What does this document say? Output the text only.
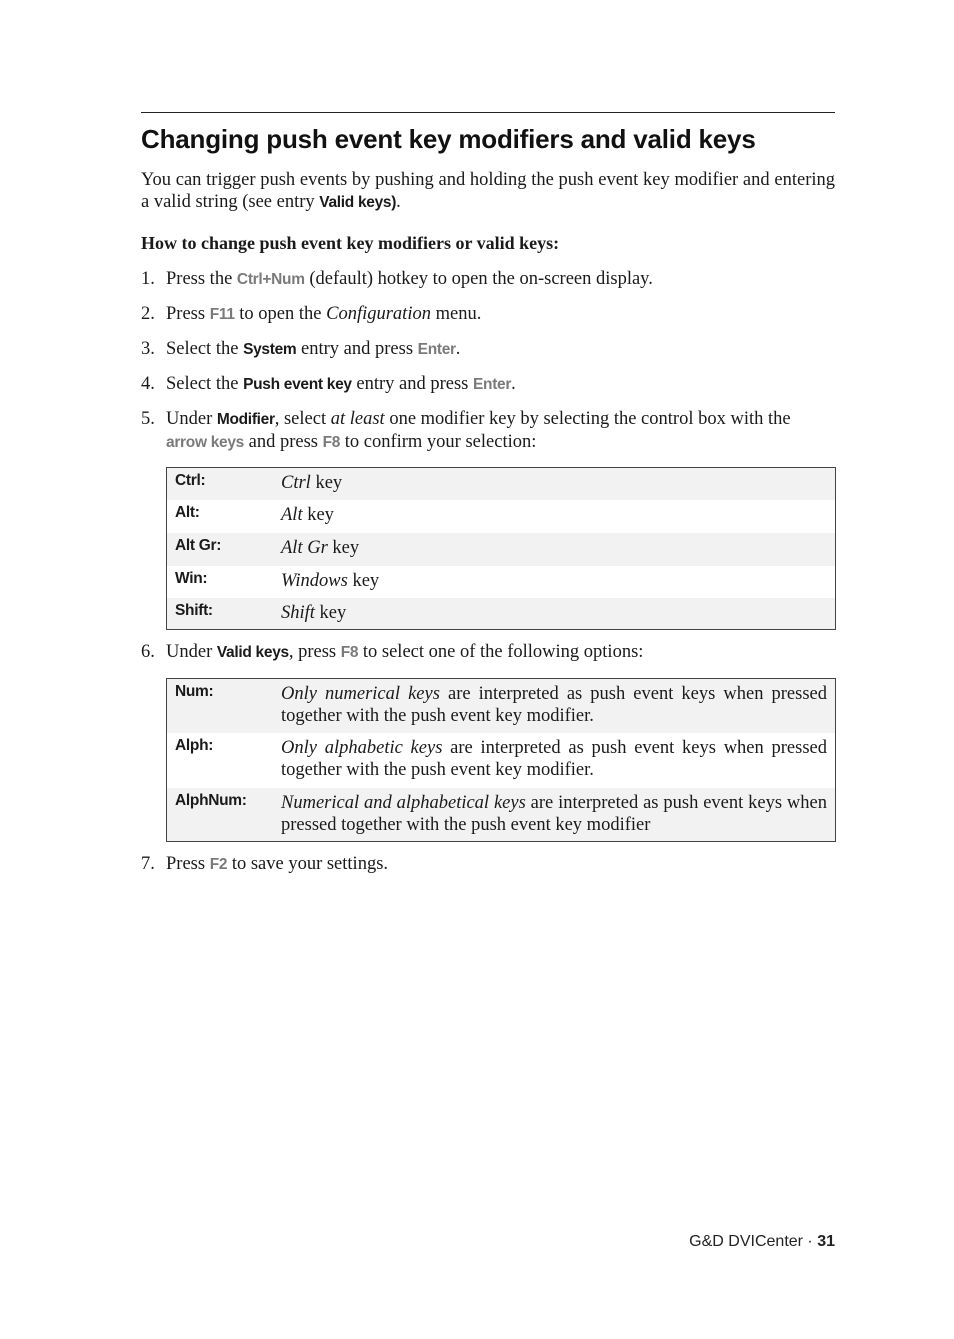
Changing push event key modifiers and valid keys

You can trigger push events by pushing and holding the push event key modifier and entering a valid string (see entry Valid keys).

How to change push event key modifiers or valid keys:

1. Press the Ctrl+Num (default) hotkey to open the on-screen display.
2. Press F11 to open the Configuration menu.
3. Select the System entry and press Enter.
4. Select the Push event key entry and press Enter.
5. Under Modifier, select at least one modifier key by selecting the control box with the arrow keys and press F8 to confirm your selection:
Ctrl:	Ctrl key
Alt:	Alt key
Alt Gr:	Alt Gr key
Win:	Windows key
Shift:	Shift key
6. Under Valid keys, press F8 to select one of the following options:
Num:	Only numerical keys are interpreted as push event keys when pressed together with the push event key modifier.
Alph:	Only alphabetic keys are interpreted as push event keys when pressed together with the push event key modifier.
AlphNum:	Numerical and alphabetical keys are interpreted as push event keys when pressed together with the push event key modifier
7. Press F2 to save your settings.
G&D DVICenter · 31
